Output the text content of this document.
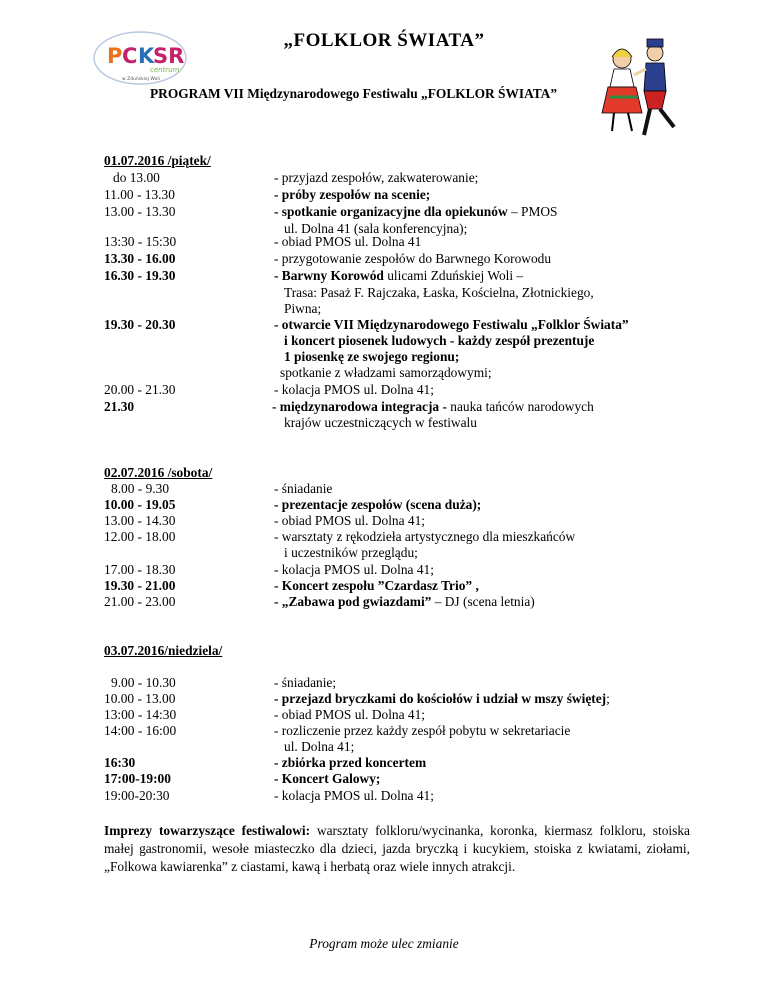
„FOLKLOR ŚWIATA”
P C K
SR
centrum
w Zduńskiej Woli
PROGRAM VII Międzynarodowego Festiwalu „FOLKLOR ŚWIATA”
01.07.2016 /piątek/
do 13.00
11.00 - 13.30
13.00 - 13.30
13:30 - 15:30
13.30 - 16.00
16.30 - 19.30
19.30 - 20.30
20.00 - 21.30
21.30
- przyjazd zespołów, zakwaterowanie;
- próby zespołów na scenie;
- spotkanie organizacyjne dla opiekunów – PMOS
ul. Dolna 41 (sala konferencyjna);
- obiad PMOS ul. Dolna 41
- przygotowanie zespołów do Barwnego Korowodu
- Barwny Korowód ulicami Zduńskiej Woli –
Trasa: Pasaż F. Rajczaka, Łaska, Kościelna, Złotnickiego,
Piwna;
- otwarcie VII Międzynarodowego Festiwalu „Folklor Świata”
i koncert piosenek ludowych - każdy zespół prezentuje
1 piosenkę ze swojego regionu;
spotkanie z władzami samorządowymi;
- kolacja PMOS ul. Dolna 41;
- międzynarodowa integracja - nauka tańców narodowych
krajów uczestniczących w festiwalu
02.07.2016 /sobota/
8.00 - 9.30
10.00 - 19.05
13.00 - 14.30
12.00 - 18.00
17.00 - 18.30
19.30 - 21.00
21.00 - 23.00
- śniadanie
- prezentacje zespołów (scena duża);
- obiad PMOS ul. Dolna 41;
- warsztaty z rękodzieła artystycznego dla mieszkańców
i uczestników przeglądu;
- kolacja PMOS ul. Dolna 41;
- Koncert zespołu ”Czardasz Trio” ,
- „Zabawa pod gwiazdami” – DJ (scena letnia)
03.07.2016/niedziela/
9.00 - 10.30
10.00 - 13.00
13:00 - 14:30
14:00 - 16:00
16:30
17:00-19:00
19:00-20:30
- śniadanie;
- przejazd bryczkami do kościołów i udział w mszy świętej;
- obiad PMOS ul. Dolna 41;
- rozliczenie przez każdy zespół pobytu w sekretariacie
ul. Dolna 41;
- zbiórka przed koncertem
- Koncert Galowy;
- kolacja PMOS ul. Dolna 41;
Imprezy towarzyszące festiwalowi: warsztaty folkloru/wycinanka, koronka, kiermasz folkloru, stoiska małej gastronomii, wesołe miasteczko dla dzieci, jazda bryczką i kucykiem, stoiska z kwiatami, ziołami, „Folkowa kawiarenka” z ciastami, kawą i herbatą oraz wiele innych atrakcji.
Program może ulec zmianie
